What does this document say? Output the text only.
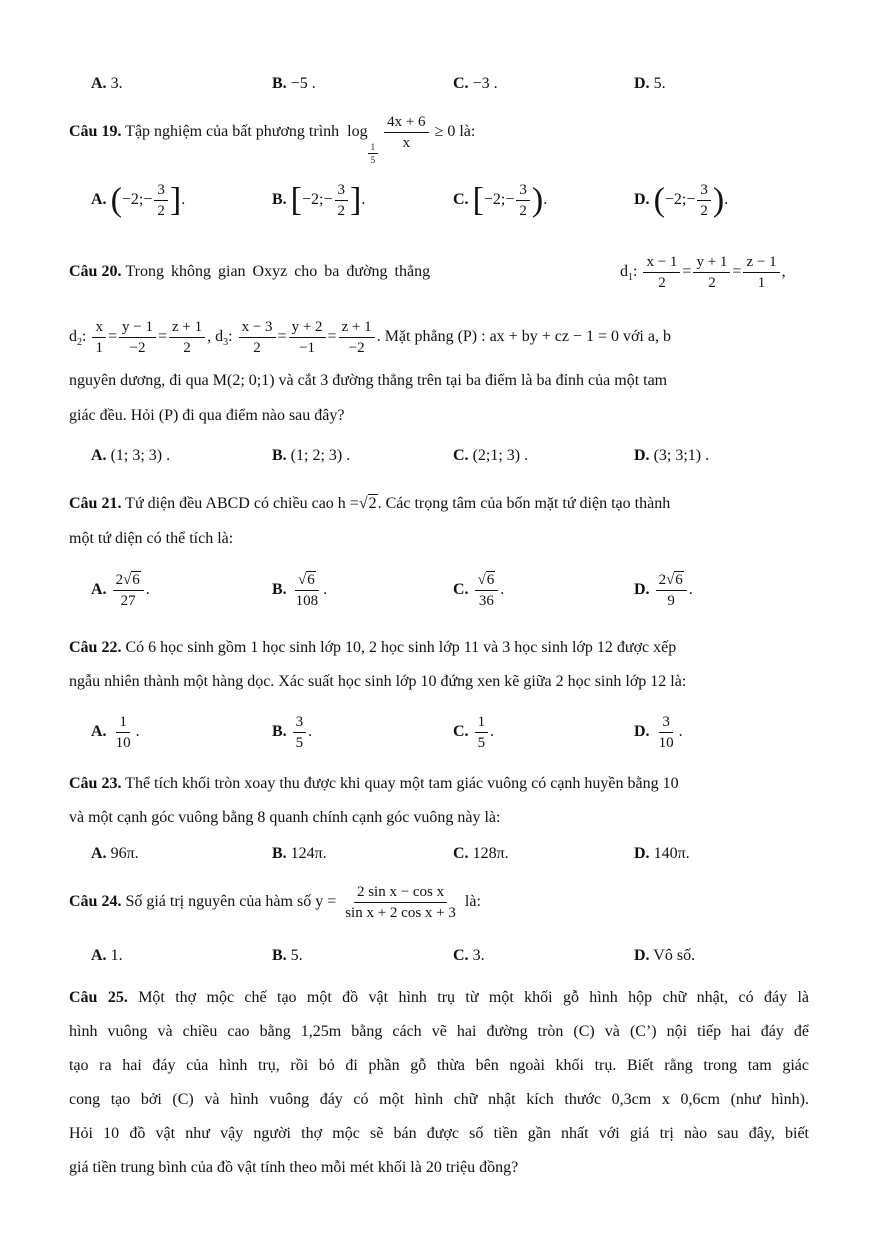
A. 3.	B. −5 .	C. −3 .	D. 5.
Câu 19. Tập nghiệm của bất phương trình log
$\frac{1}{5}$

$\frac{4x + 6}{x} \ge 0$ là:
A. (−2;− $\frac{3}{2}$ ].	B. [−2;− $\frac{3}{2}$ ].	C. [−2;− $\frac{3}{2}$ ).	D. (−2;− $\frac{3}{2}$ ).
Câu 20. Trong không gian Oxyz cho ba đường thẳng	$d_1$: $\frac{x - 1}{2} = \frac{y + 1}{2} = \frac{z - 1}{1}$ ,
$d_2$: $\frac{x}{1} = \frac{y - 1}{-2} = \frac{z + 1}{2}$ , $d_3$: $\frac{x - 3}{2} = \frac{y + 2}{-1} = \frac{z + 1}{-2}$ . Mặt phẳng (P) : ax + by + cz − 1 = 0 với a, b
nguyên dương, đi qua M(2; 0;1) và cắt 3 đường thẳng trên tại ba điểm là ba đỉnh của một tam
giác đều. Hỏi (P) đi qua điểm nào sau đây?
A. (1; 3; 3) .	B. (1; 2; 3) .	C. (2;1; 3) .	D. (3; 3;1) .
Câu 21. Tứ diện đều ABCD có chiều cao h =√2. Các trọng tâm của bốn mặt tứ diện tạo thành
một tứ diện có thể tích là:
A. $\frac{2√6}{27}$ .	B. $\frac{√6}{108}$ .	C. $\frac{√6}{36}$ .	D. $\frac{2√6}{9}$ .
Câu 22. Có 6 học sinh gồm 1 học sinh lớp 10, 2 học sinh lớp 11 và 3 học sinh lớp 12 được xếp
ngẫu nhiên thành một hàng dọc. Xác suất học sinh lớp 10 đứng xen kẽ giữa 2 học sinh lớp 12 là:
A. $\frac{1}{10}$ .	B. $\frac{3}{5}$ .	C. $\frac{1}{5}$ .	D. $\frac{3}{10}$ .
Câu 23. Thể tích khối tròn xoay thu được khi quay một tam giác vuông có cạnh huyền bằng 10
và một cạnh góc vuông bằng 8 quanh chính cạnh góc vuông này là:
A. 96π.	B. 124π.	C. 128π.	D. 140π.
Câu 24. Số giá trị nguyên của hàm số $y = \frac{\text{2 sin x − cos x}}{\text{sin x + 2 cos x + 3}}$ là:
A. 1.	B. 5.	C. 3.	D. Vô số.
Câu 25. Một thợ mộc chế tạo một đồ vật hình trụ từ một khối gỗ hình hộp chữ nhật, có đáy là
hình vuông và chiều cao bằng 1,25m bằng cách vẽ hai đường tròn (C) và (C’) nội tiếp hai đáy để
tạo ra hai đáy của hình trụ, rồi bỏ đi phần gỗ thừa bên ngoài khối trụ. Biết rằng trong tam giác
cong tạo bởi (C) và hình vuông đáy có một hình chữ nhật kích thước 0,3cm x 0,6cm (như hình).
Hỏi 10 đồ vật như vậy người thợ mộc sẽ bán được số tiền gần nhất với giá trị nào sau đây, biết
giá tiền trung bình của đồ vật tính theo mỗi mét khối là 20 triệu đồng?
